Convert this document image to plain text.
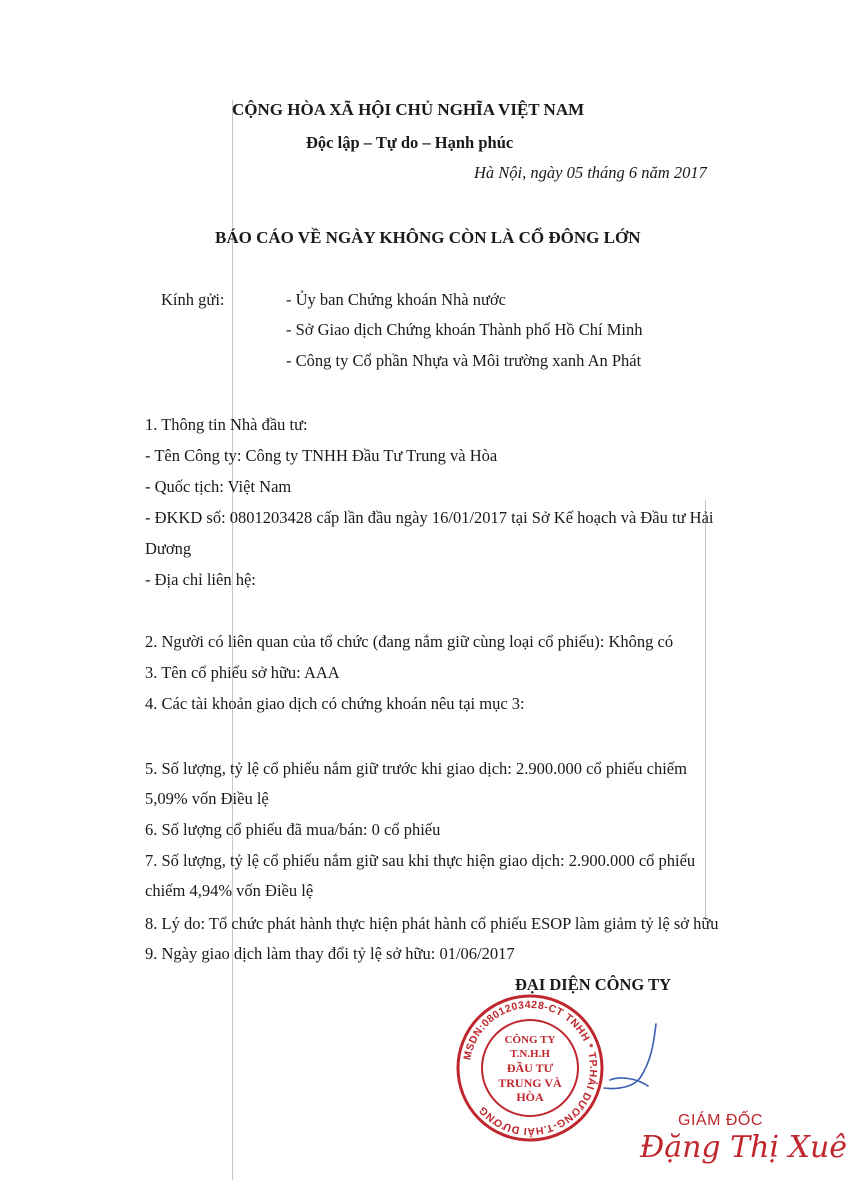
CỘNG HÒA XÃ HỘI CHỦ NGHĨA VIỆT NAM
Độc lập – Tự do – Hạnh phúc
Hà Nội, ngày 05 tháng 6 năm 2017
BÁO CÁO VỀ NGÀY KHÔNG CÒN LÀ CỔ ĐÔNG LỚN
Kính gửi:	- Ủy ban Chứng khoán Nhà nước
- Sở Giao dịch Chứng khoán Thành phố Hồ Chí Minh
- Công ty Cổ phần Nhựa và Môi trường xanh An Phát
1. Thông tin Nhà đầu tư:
- Tên Công ty: Công ty TNHH Đầu Tư Trung và Hòa
- Quốc tịch: Việt Nam
- ĐKKD số: 0801203428 cấp lần đầu ngày 16/01/2017 tại Sở Kế hoạch và Đầu tư Hải
Dương
- Địa chỉ liên hệ:
2. Người có liên quan của tổ chức (đang nắm giữ cùng loại cổ phiếu): Không có
3. Tên cổ phiếu sở hữu: AAA
4. Các tài khoản giao dịch có chứng khoán nêu tại mục 3:
5. Số lượng, tỷ lệ cổ phiếu nắm giữ trước khi giao dịch: 2.900.000 cổ phiếu chiếm
5,09% vốn Điều lệ
6. Số lượng cổ phiếu đã mua/bán: 0 cổ phiếu
7. Số lượng, tỷ lệ cổ phiếu nắm giữ sau khi thực hiện giao dịch: 2.900.000 cổ phiếu
chiếm 4,94% vốn Điều lệ
8. Lý do: Tổ chức phát hành thực hiện phát hành cổ phiếu ESOP làm giảm tỷ lệ sở hữu
9. Ngày giao dịch làm thay đổi tỷ lệ sở hữu: 01/06/2017
ĐẠI DIỆN CÔNG TY
MSDN:0801203428-CT TNHH * TP.HẢI DƯƠNG-T.HẢI DƯƠNG
CÔNG TY
T.N.H.H
ĐẦU TƯ
TRUNG VÀ
HÒA
GIÁM ĐỐC
Đặng Thị Xuê
